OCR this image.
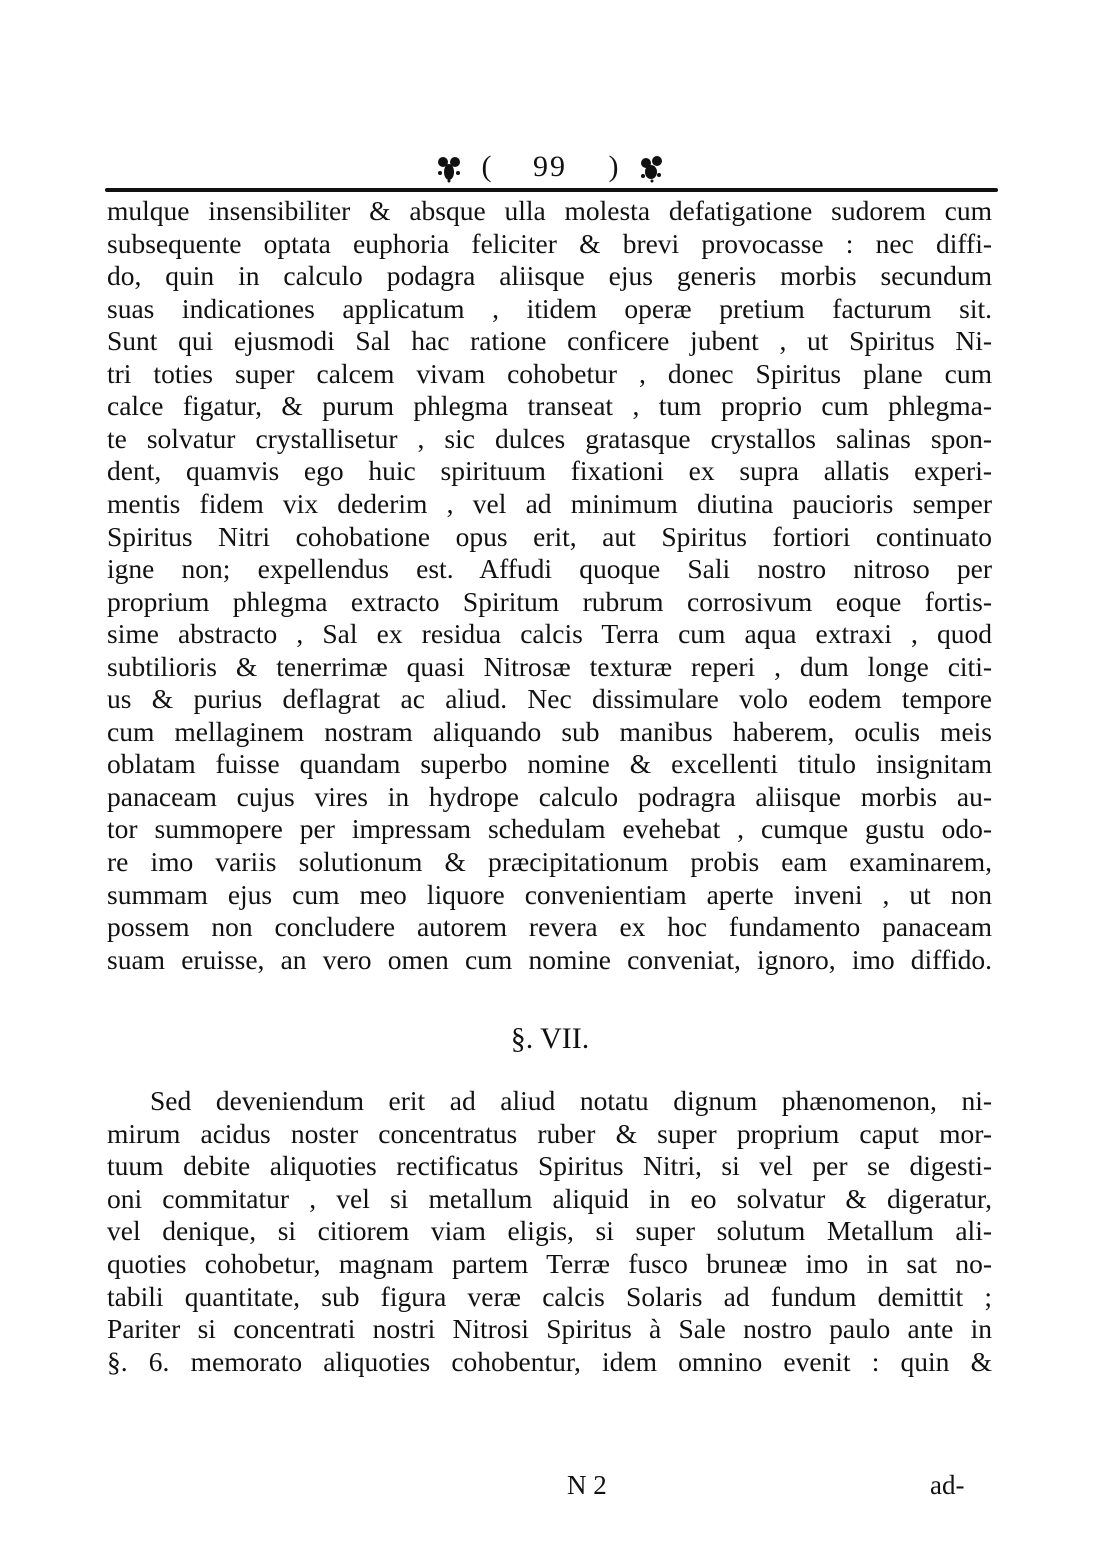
( 99 )
mulque insensibiliter & absque ulla molesta defatigatione sudorem cum
subsequente optata euphoria feliciter & brevi provocasse : nec diffi-
do, quin in calculo podagra aliisque ejus generis morbis secundum
suas indicationes applicatum , itidem operæ pretium facturum sit.
Sunt qui ejusmodi Sal hac ratione conficere jubent , ut Spiritus Ni-
tri toties super calcem vivam cohobetur , donec Spiritus plane cum
calce figatur, & purum phlegma transeat , tum proprio cum phlegma-
te solvatur crystallisetur , sic dulces gratasque crystallos salinas spon-
dent, quamvis ego huic spirituum fixationi ex supra allatis experi-
mentis fidem vix dederim , vel ad minimum diutina paucioris semper
Spiritus Nitri cohobatione opus erit, aut Spiritus fortiori continuato
igne non; expellendus est. Affudi quoque Sali nostro nitroso per
proprium phlegma extracto Spiritum rubrum corrosivum eoque fortis-
sime abstracto , Sal ex residua calcis Terra cum aqua extraxi , quod
subtilioris & tenerrimæ quasi Nitrosæ texturæ reperi , dum longe citi-
us & purius deflagrat ac aliud. Nec dissimulare volo eodem tempore
cum mellaginem nostram aliquando sub manibus haberem, oculis meis
oblatam fuisse quandam superbo nomine & excellenti titulo insignitam
panaceam cujus vires in hydrope calculo podragra aliisque morbis au-
tor summopere per impressam schedulam evehebat , cumque gustu odo-
re imo variis solutionum & præcipitationum probis eam examinarem,
summam ejus cum meo liquore convenientiam aperte inveni , ut non
possem non concludere autorem revera ex hoc fundamento panaceam
suam eruisse, an vero omen cum nomine conveniat, ignoro, imo diffido.
§. VII.
Sed deveniendum erit ad aliud notatu dignum phænomenon, ni-
mirum acidus noster concentratus ruber & super proprium caput mor-
tuum debite aliquoties rectificatus Spiritus Nitri, si vel per se digesti-
oni commitatur , vel si metallum aliquid in eo solvatur & digeratur,
vel denique, si citiorem viam eligis, si super solutum Metallum ali-
quoties cohobetur, magnam partem Terræ fusco bruneæ imo in sat no-
tabili quantitate, sub figura veræ calcis Solaris ad fundum demittit ;
Pariter si concentrati nostri Nitrosi Spiritus à Sale nostro paulo ante in
§. 6. memorato aliquoties cohobentur, idem omnino evenit : quin &
N 2	ad-
